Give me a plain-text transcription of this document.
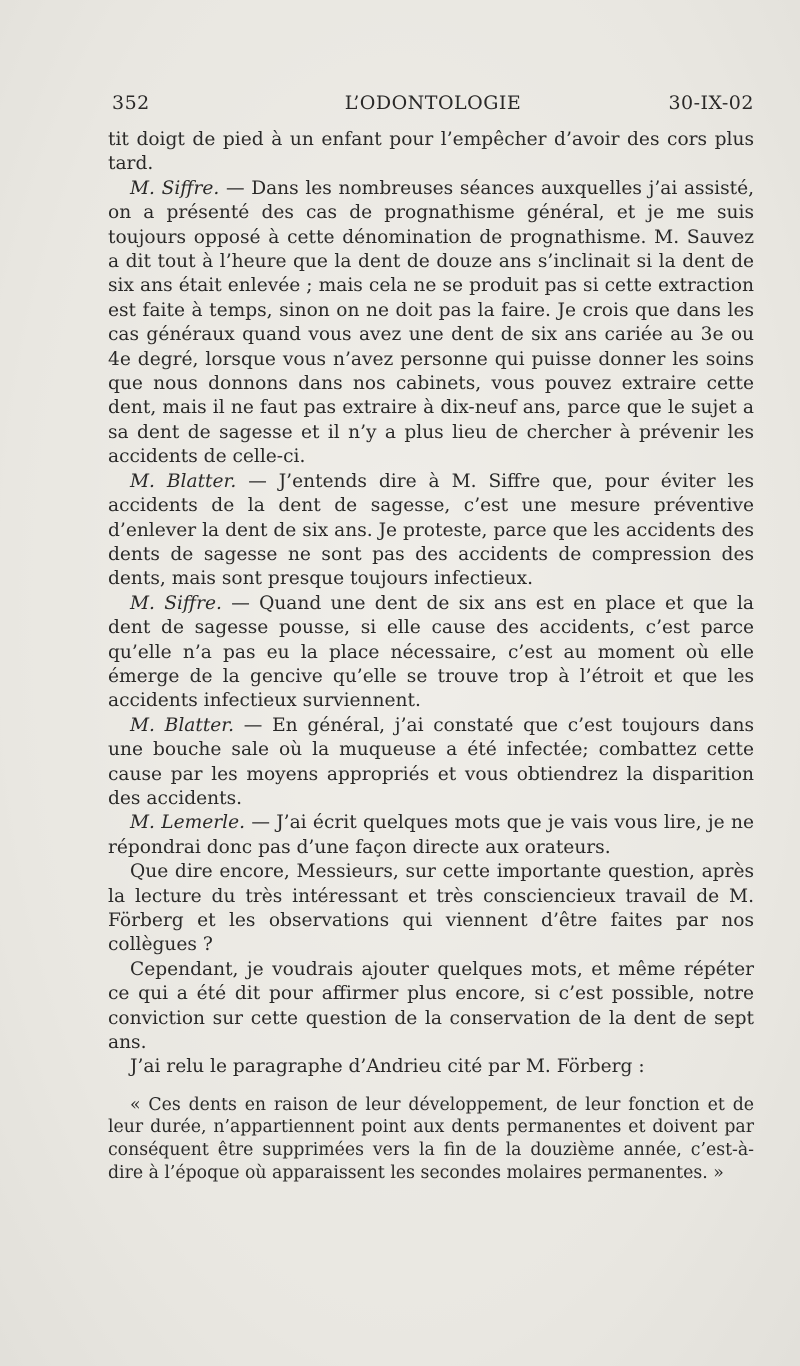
352	L’ODONTOLOGIE	30-IX-02

tit doigt de pied à un enfant pour l’empêcher d’avoir des cors plus tard.

M. Siffre. — Dans les nombreuses séances auxquelles j’ai assisté, on a présenté des cas de prognathisme général, et je me suis toujours opposé à cette dénomination de prognathisme. M. Sauvez a dit tout à l’heure que la dent de douze ans s’inclinait si la dent de six ans était enlevée ; mais cela ne se produit pas si cette extraction est faite à temps, sinon on ne doit pas la faire. Je crois que dans les cas généraux quand vous avez une dent de six ans cariée au 3e ou 4e degré, lorsque vous n’avez personne qui puisse donner les soins que nous donnons dans nos cabinets, vous pouvez extraire cette dent, mais il ne faut pas extraire à dix-neuf ans, parce que le sujet a sa dent de sagesse et il n’y a plus lieu de chercher à prévenir les accidents de celle-ci.

M. Blatter. — J’entends dire à M. Siffre que, pour éviter les accidents de la dent de sagesse, c’est une mesure préventive d’enlever la dent de six ans. Je proteste, parce que les accidents des dents de sagesse ne sont pas des accidents de compression des dents, mais sont presque toujours infectieux.

M. Siffre. — Quand une dent de six ans est en place et que la dent de sagesse pousse, si elle cause des accidents, c’est parce qu’elle n’a pas eu la place nécessaire, c’est au moment où elle émerge de la gencive qu’elle se trouve trop à l’étroit et que les accidents infectieux surviennent.

M. Blatter. — En général, j’ai constaté que c’est toujours dans une bouche sale où la muqueuse a été infectée; combattez cette cause par les moyens appropriés et vous obtiendrez la disparition des accidents.

M. Lemerle. — J’ai écrit quelques mots que je vais vous lire, je ne répondrai donc pas d’une façon directe aux orateurs.

Que dire encore, Messieurs, sur cette importante question, après la lecture du très intéressant et très consciencieux travail de M. Förberg et les observations qui viennent d’être faites par nos collègues ?

Cependant, je voudrais ajouter quelques mots, et même répéter ce qui a été dit pour affirmer plus encore, si c’est possible, notre conviction sur cette question de la conservation de la dent de sept ans.

J’ai relu le paragraphe d’Andrieu cité par M. Förberg :

« Ces dents en raison de leur développement, de leur fonction et de leur durée, n’appartiennent point aux dents permanentes et doivent par conséquent être supprimées vers la fin de la douzième année, c’est-à-dire à l’époque où apparaissent les secondes molaires permanentes. »
